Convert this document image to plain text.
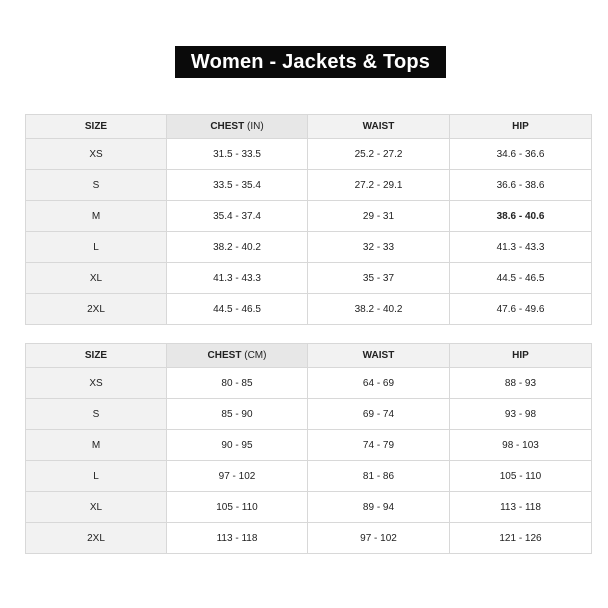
Women - Jackets & Tops
SIZE	CHEST (IN)	WAIST	HIP
XS	31.5 - 33.5	25.2 - 27.2	34.6 - 36.6
S	33.5 - 35.4	27.2 - 29.1	36.6 - 38.6
M	35.4 - 37.4	29 - 31	38.6 - 40.6
L	38.2 - 40.2	32 - 33	41.3 - 43.3
XL	41.3 - 43.3	35 - 37	44.5 - 46.5
2XL	44.5 - 46.5	38.2 - 40.2	47.6 - 49.6
SIZE	CHEST (CM)	WAIST	HIP
XS	80 - 85	64 - 69	88 - 93
S	85 - 90	69 - 74	93 - 98
M	90 - 95	74 - 79	98 - 103
L	97 - 102	81 - 86	105 - 110
XL	105 - 110	89 - 94	113 - 118
2XL	113 - 118	97 - 102	121 - 126
